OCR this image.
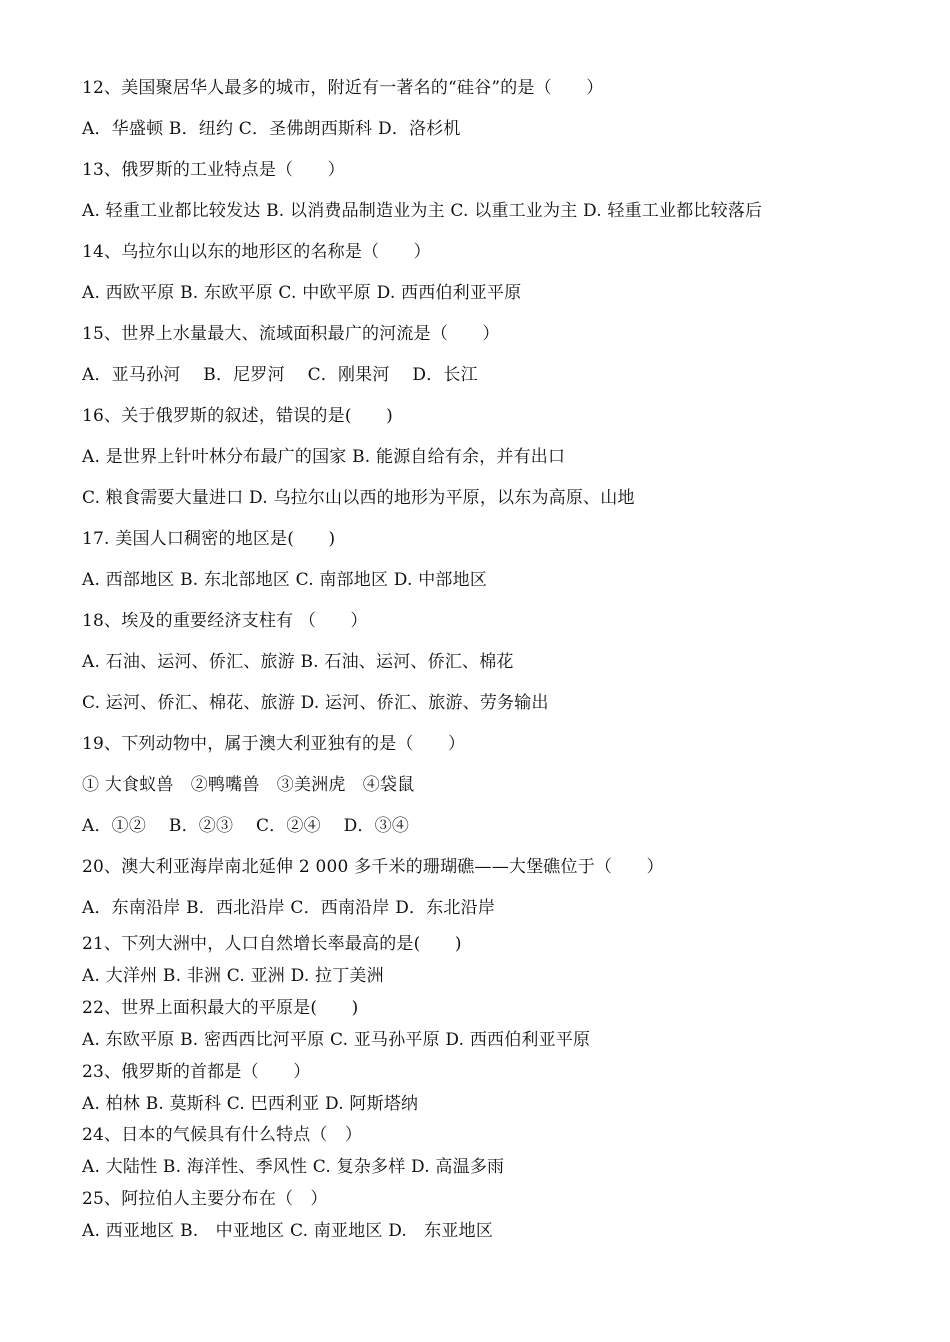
12、美国聚居华人最多的城市，附近有一著名的“硅谷”的是（　　）
A．华盛顿 B．纽约 C．圣佛朗西斯科 D．洛杉机
13、俄罗斯的工业特点是（　　）
A. 轻重工业都比较发达 B. 以消费品制造业为主 C. 以重工业为主 D. 轻重工业都比较落后
14、乌拉尔山以东的地形区的名称是（　　）
A. 西欧平原 B. 东欧平原 C. 中欧平原 D. 西西伯利亚平原
15、世界上水量最大、流域面积最广的河流是（　　）
A．亚马孙河　 B．尼罗河　 C．刚果河　 D．长江
16、关于俄罗斯的叙述，错误的是(　　)
A. 是世界上针叶林分布最广的国家 B. 能源自给有余，并有出口
C. 粮食需要大量进口 D. 乌拉尔山以西的地形为平原，以东为高原、山地
17. 美国人口稠密的地区是(　　)
A. 西部地区 B. 东北部地区 C. 南部地区 D. 中部地区
18、埃及的重要经济支柱有 （　　）
A. 石油、运河、侨汇、旅游 B. 石油、运河、侨汇、棉花
C. 运河、侨汇、棉花、旅游 D. 运河、侨汇、旅游、劳务输出
19、下列动物中，属于澳大利亚独有的是（　　）
① 大食蚁兽　②鸭嘴兽　③美洲虎　④袋鼠
A．①②　 B．②③　 C．②④　 D．③④
20、澳大利亚海岸南北延伸 2 000 多千米的珊瑚礁——大堡礁位于（　　）
A．东南沿岸 B．西北沿岸 C．西南沿岸 D．东北沿岸
21、下列大洲中，人口自然增长率最高的是(　　)
A. 大洋州 B. 非洲 C. 亚洲 D. 拉丁美洲
22、世界上面积最大的平原是(　　)
A. 东欧平原 B. 密西西比河平原 C. 亚马孙平原 D. 西西伯利亚平原
23、俄罗斯的首都是（　　）
A. 柏林 B. 莫斯科 C. 巴西利亚 D. 阿斯塔纳
24、日本的气候具有什么特点（　）
A. 大陆性 B. 海洋性、季风性 C. 复杂多样 D. 高温多雨
25、阿拉伯人主要分布在（　）
A. 西亚地区 B.　中亚地区 C. 南亚地区 D.　东亚地区
